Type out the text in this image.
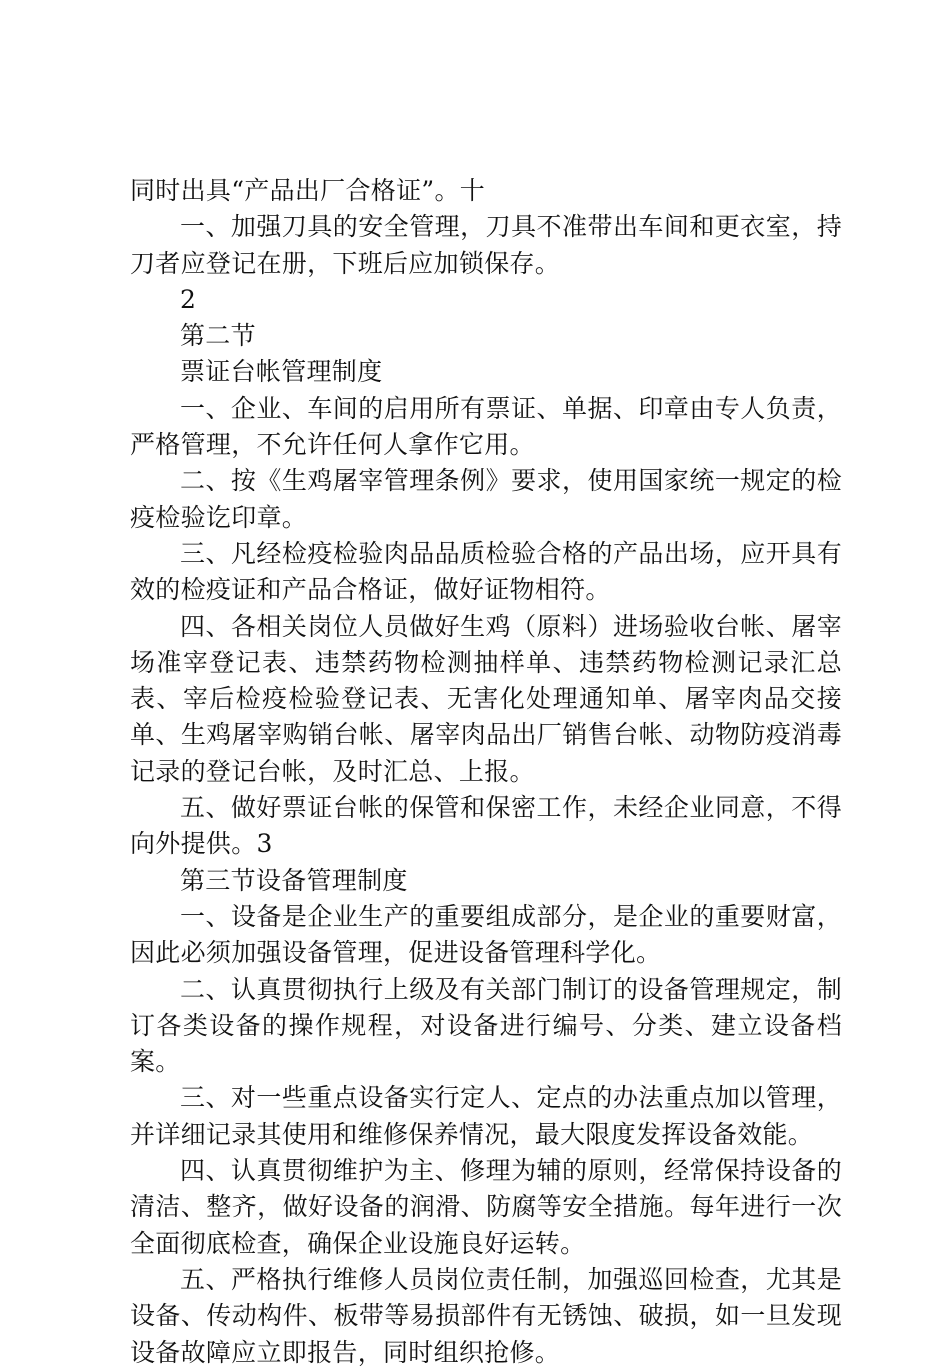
同时出具“产品出厂合格证”。十

一、加强刀具的安全管理，刀具不准带出车间和更衣室，持刀者应登记在册，下班后应加锁保存。

2

第二节

票证台帐管理制度

一、企业、车间的启用所有票证、单据、印章由专人负责，严格管理，不允许任何人拿作它用。

二、按《生鸡屠宰管理条例》要求，使用国家统一规定的检疫检验讫印章。

三、凡经检疫检验肉品品质检验合格的产品出场，应开具有效的检疫证和产品合格证，做好证物相符。

四、各相关岗位人员做好生鸡（原料）进场验收台帐、屠宰场准宰登记表、违禁药物检测抽样单、违禁药物检测记录汇总表、宰后检疫检验登记表、无害化处理通知单、屠宰肉品交接单、生鸡屠宰购销台帐、屠宰肉品出厂销售台帐、动物防疫消毒记录的登记台帐，及时汇总、上报。

五、做好票证台帐的保管和保密工作，未经企业同意，不得向外提供。3

第三节设备管理制度

一、设备是企业生产的重要组成部分，是企业的重要财富，因此必须加强设备管理，促进设备管理科学化。

二、认真贯彻执行上级及有关部门制订的设备管理规定，制订各类设备的操作规程，对设备进行编号、分类、建立设备档案。

三、对一些重点设备实行定人、定点的办法重点加以管理，并详细记录其使用和维修保养情况，最大限度发挥设备效能。

四、认真贯彻维护为主、修理为辅的原则，经常保持设备的清洁、整齐，做好设备的润滑、防腐等安全措施。每年进行一次全面彻底检查，确保企业设施良好运转。

五、严格执行维修人员岗位责任制，加强巡回检查，尤其是设备、传动构件、板带等易损部件有无锈蚀、破损，如一旦发现设备故障应立即报告，同时组织抢修。
